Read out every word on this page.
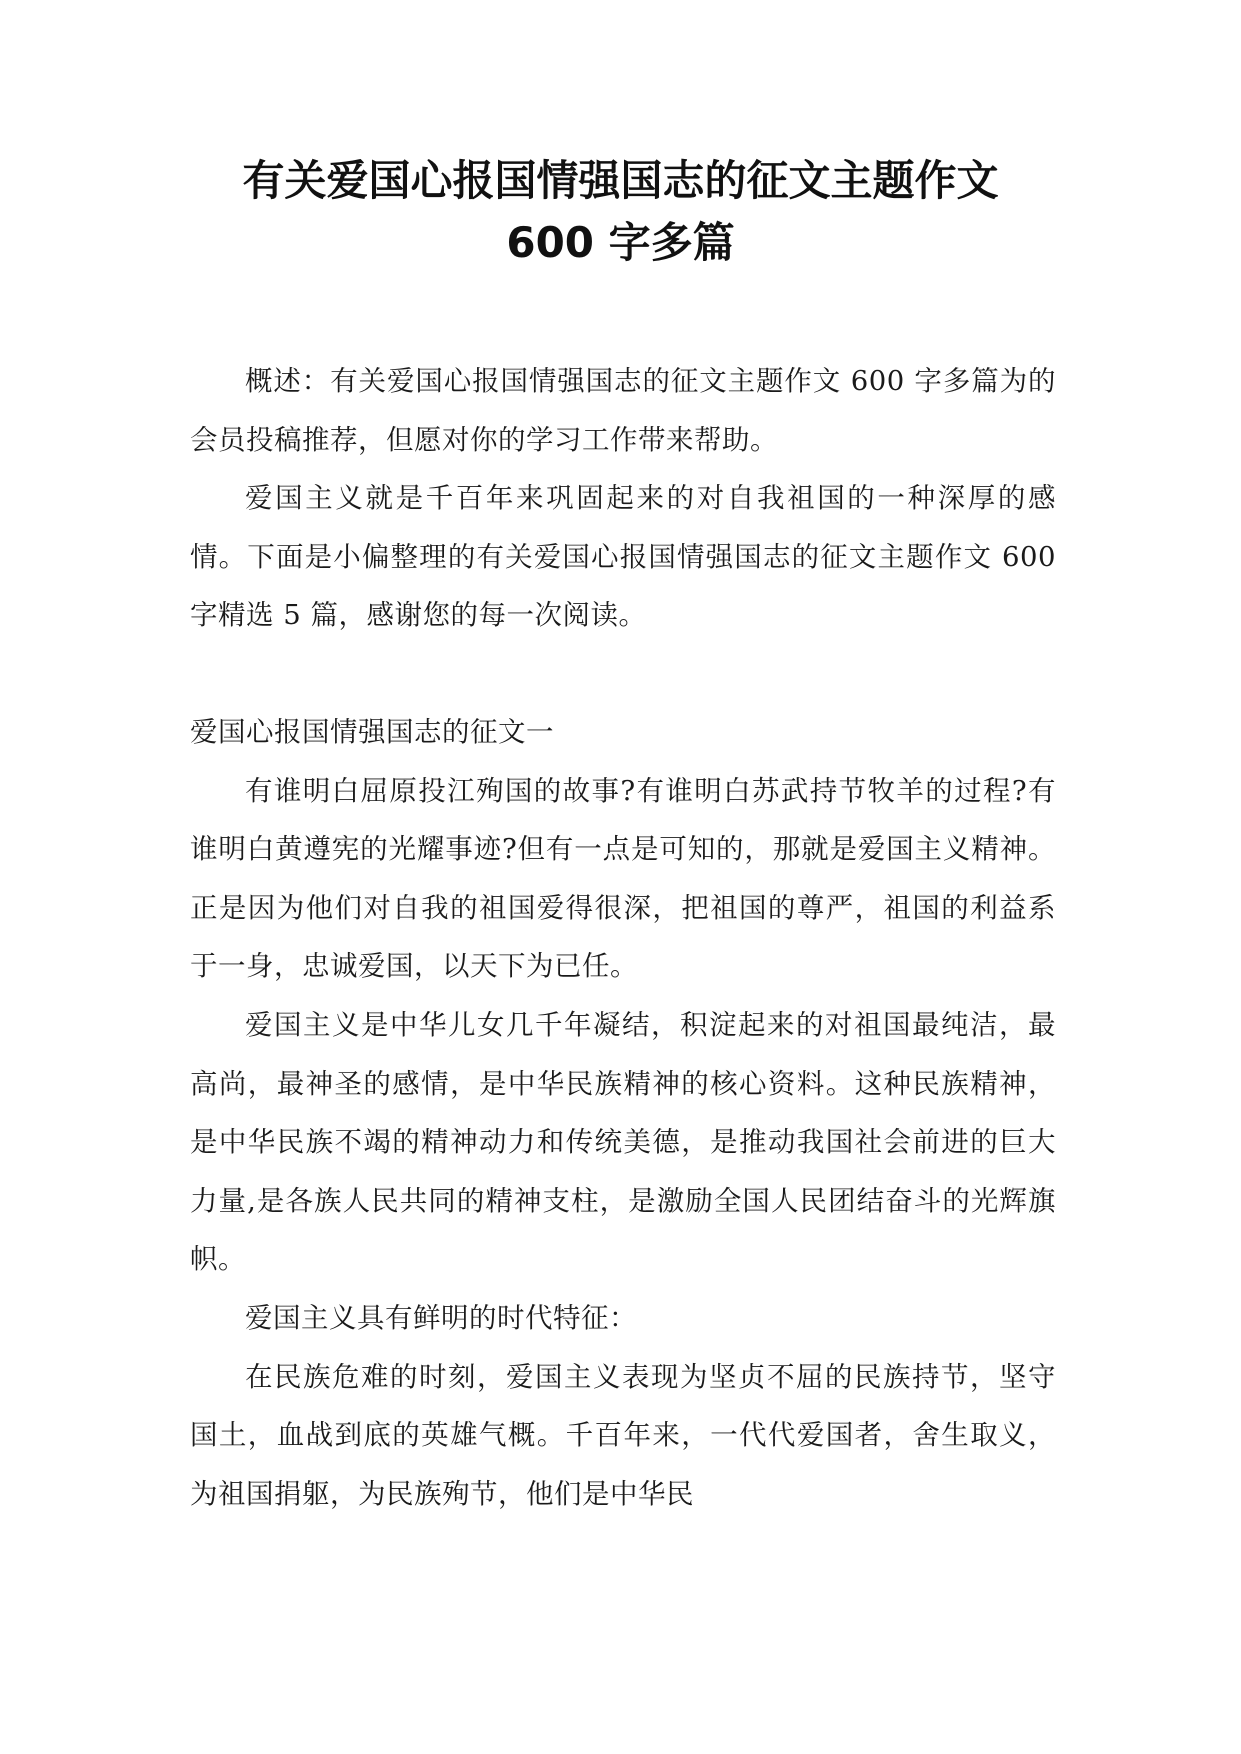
有关爱国心报国情强国志的征文主题作文
600 字多篇

概述：有关爱国心报国情强国志的征文主题作文 600 字多篇为的会员投稿推荐，但愿对你的学习工作带来帮助。

爱国主义就是千百年来巩固起来的对自我祖国的一种深厚的感情。下面是小偏整理的有关爱国心报国情强国志的征文主题作文 600 字精选 5 篇，感谢您的每一次阅读。

爱国心报国情强国志的征文一

有谁明白屈原投江殉国的故事?有谁明白苏武持节牧羊的过程?有谁明白黄遵宪的光耀事迹?但有一点是可知的，那就是爱国主义精神。正是因为他们对自我的祖国爱得很深，把祖国的尊严，祖国的利益系于一身，忠诚爱国，以天下为已任。

爱国主义是中华儿女几千年凝结，积淀起来的对祖国最纯洁，最高尚，最神圣的感情，是中华民族精神的核心资料。这种民族精神，是中华民族不竭的精神动力和传统美德，是推动我国社会前进的巨大力量,是各族人民共同的精神支柱，是激励全国人民团结奋斗的光辉旗帜。

爱国主义具有鲜明的时代特征：

在民族危难的时刻，爱国主义表现为坚贞不屈的民族持节，坚守国土，血战到底的英雄气概。千百年来，一代代爱国者，舍生取义，为祖国捐躯，为民族殉节，他们是中华民
